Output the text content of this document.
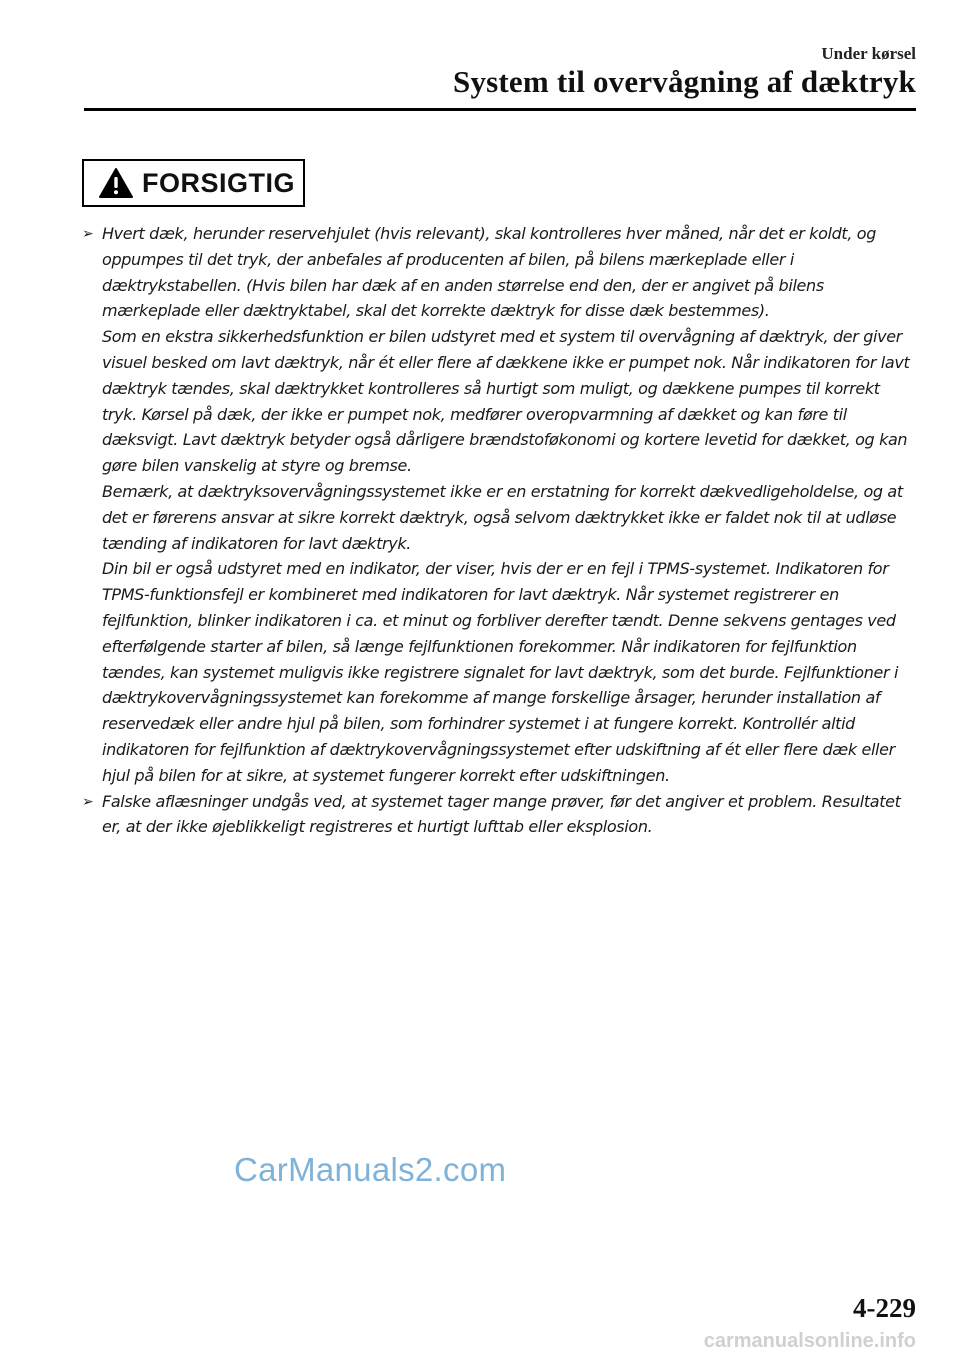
Under kørsel
System til overvågning af dæktryk
FORSIGTIG
➢ Hvert dæk, herunder reservehjulet (hvis relevant), skal kontrolleres hver måned, når det er koldt, og oppumpes til det tryk, der anbefales af producenten af bilen, på bilens mærkeplade eller i dæktrykstabellen. (Hvis bilen har dæk af en anden størrelse end den, der er angivet på bilens mærkeplade eller dæktryktabel, skal det korrekte dæktryk for disse dæk bestemmes).

Som en ekstra sikkerhedsfunktion er bilen udstyret med et system til overvågning af dæktryk, der giver visuel besked om lavt dæktryk, når ét eller flere af dækkene ikke er pumpet nok. Når indikatoren for lavt dæktryk tændes, skal dæktrykket kontrolleres så hurtigt som muligt, og dækkene pumpes til korrekt tryk. Kørsel på dæk, der ikke er pumpet nok, medfører overopvarmning af dækket og kan føre til dæksvigt. Lavt dæktryk betyder også dårligere brændstoføkonomi og kortere levetid for dækket, og kan gøre bilen vanskelig at styre og bremse.

Bemærk, at dæktryksovervågningssystemet ikke er en erstatning for korrekt dækvedligeholdelse, og at det er førerens ansvar at sikre korrekt dæktryk, også selvom dæktrykket ikke er faldet nok til at udløse tænding af indikatoren for lavt dæktryk.

Din bil er også udstyret med en indikator, der viser, hvis der er en fejl i TPMS-systemet. Indikatoren for TPMS-funktionsfejl er kombineret med indikatoren for lavt dæktryk. Når systemet registrerer en fejlfunktion, blinker indikatoren i ca. et minut og forbliver derefter tændt. Denne sekvens gentages ved efterfølgende starter af bilen, så længe fejlfunktionen forekommer. Når indikatoren for fejlfunktion tændes, kan systemet muligvis ikke registrere signalet for lavt dæktryk, som det burde. Fejlfunktioner i dæktrykovervågningssystemet kan forekomme af mange forskellige årsager, herunder installation af reservedæk eller andre hjul på bilen, som forhindrer systemet i at fungere korrekt. Kontrollér altid indikatoren for fejlfunktion af dæktrykovervågningssystemet efter udskiftning af ét eller flere dæk eller hjul på bilen for at sikre, at systemet fungerer korrekt efter udskiftningen.

➢ Falske aflæsninger undgås ved, at systemet tager mange prøver, før det angiver et problem. Resultatet er, at der ikke øjeblikkeligt registreres et hurtigt lufttab eller eksplosion.

CarManuals2.com
4-229
carmanualsonline.info
